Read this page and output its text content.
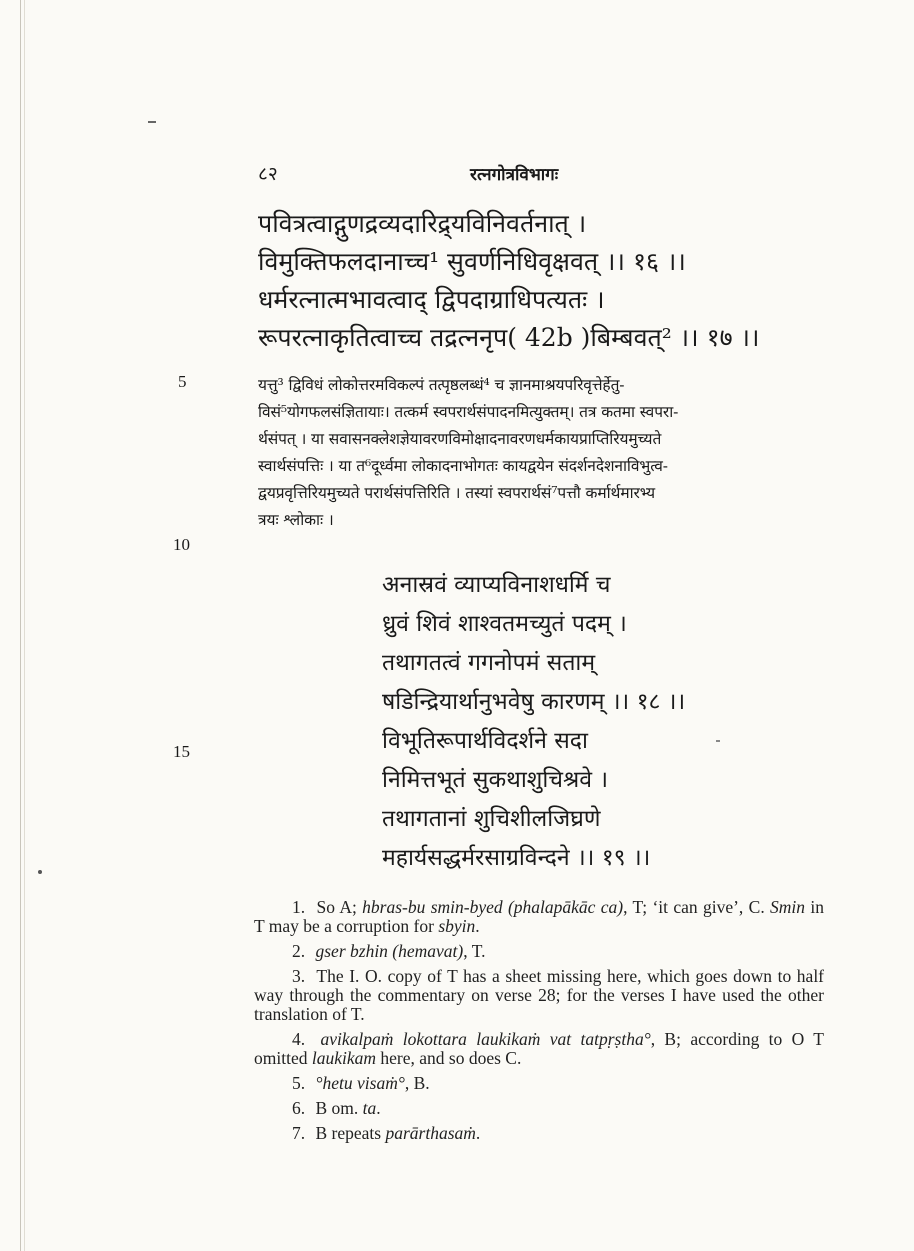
८२	रत्नगोत्रविभागः
पवित्रत्वाद्गुणद्रव्यदारिद्र्यविनिवर्तनात् ।
विमुक्तिफलदानाच्च¹ सुवर्णनिधिवृक्षवत् ।। १६ ।।
धर्मरत्नात्मभावत्वाद् द्विपदाग्राधिपत्यतः ।
रूपरत्नाकृतित्वाच्च तद्रत्ननृप( 42b )बिम्बवत्² ।। १७ ।।
5
10
15
यत्तु³ द्विविधं लोकोत्तरमविकल्पं तत्पृष्ठलब्धं⁴ च ज्ञानमाश्रयपरिवृत्तेर्हेतु-
विसं⁵योगफलसंज्ञितायाः। तत्कर्म स्वपरार्थसंपादनमित्युक्तम्। तत्र कतमा स्वपरा-
र्थसंपत् । या सवासनक्लेशज्ञेयावरणविमोक्षादनावरणधर्मकायप्राप्तिरियमुच्यते
स्वार्थसंपत्तिः । या त⁶दूर्ध्वमा लोकादनाभोगतः कायद्वयेन संदर्शनदेशनाविभुत्व-
द्वयप्रवृत्तिरियमुच्यते परार्थसंपत्तिरिति । तस्यां स्वपरार्थसं⁷पत्तौ कर्मार्थमारभ्य
त्रयः श्लोकाः ।
अनास्रवं व्याप्यविनाशधर्मि च
ध्रुवं शिवं शाश्वतमच्युतं पदम् ।
तथागतत्वं गगनोपमं सताम्
षडिन्द्रियार्थानुभवेषु कारणम् ।। १८ ।।
विभूतिरूपार्थविदर्शने सदा
निमित्तभूतं सुकथाशुचिश्रवे ।
तथागतानां शुचिशीलजिघ्रणे
महार्यसद्धर्मरसाग्रविन्दने ।। १९ ।।
1. So A; hbras-bu smin-byed (phalapākāc ca), T; ‘it can give’, C. Smin in T may be a corruption for sbyin.
2. gser bzhin (hemavat), T.
3. The I. O. copy of T has a sheet missing here, which goes down to half way through the commentary on verse 28; for the verses I have used the other translation of T.
4. avikalpaṁ lokottara laukikaṁ vat tatpṛṣtha°, B; according to O T omitted laukikam here, and so does C.
5. °hetu visaṁ°, B.
6. B om. ta.
7. B repeats parārthasaṁ.
